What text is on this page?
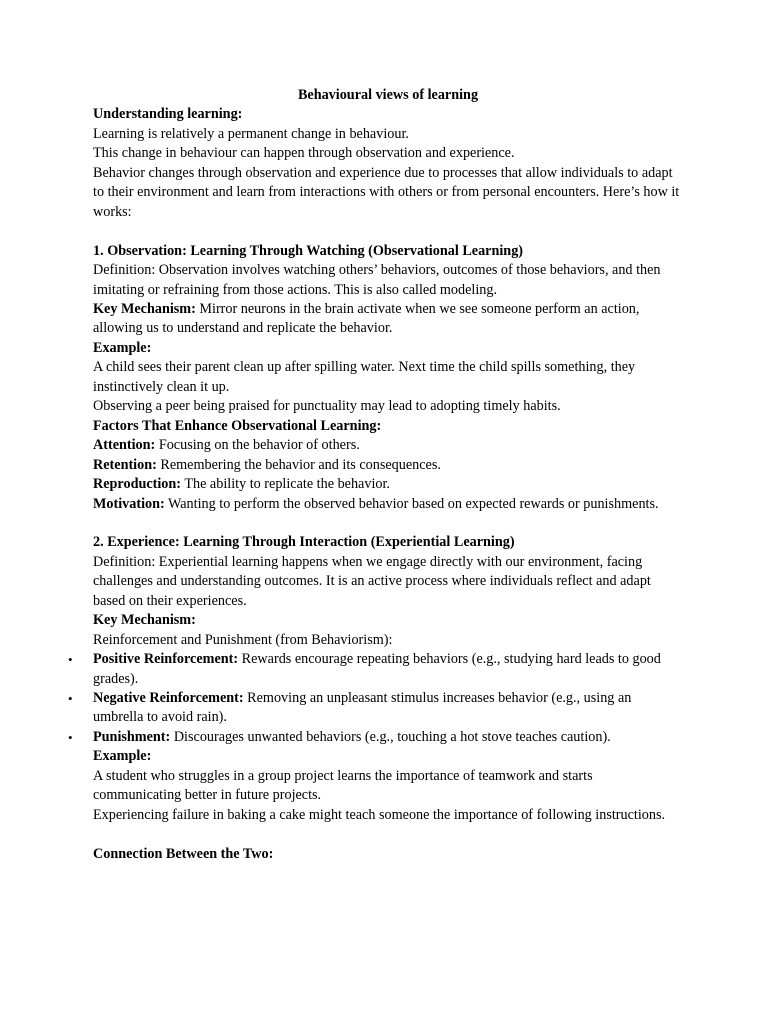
Behavioural views of learning

Understanding learning:

Learning is relatively a permanent change in behaviour.

This change in behaviour can happen through observation and experience.

Behavior changes through observation and experience due to processes that allow individuals to adapt to their environment and learn from interactions with others or from personal encounters. Here’s how it works:

1. Observation: Learning Through Watching (Observational Learning)

Definition: Observation involves watching others’ behaviors, outcomes of those behaviors, and then imitating or refraining from those actions. This is also called modeling.

Key Mechanism: Mirror neurons in the brain activate when we see someone perform an action, allowing us to understand and replicate the behavior.

Example:

A child sees their parent clean up after spilling water. Next time the child spills something, they instinctively clean it up.

Observing a peer being praised for punctuality may lead to adopting timely habits.

Factors That Enhance Observational Learning:

Attention: Focusing on the behavior of others.

Retention: Remembering the behavior and its consequences.

Reproduction: The ability to replicate the behavior.

Motivation: Wanting to perform the observed behavior based on expected rewards or punishments.

2. Experience: Learning Through Interaction (Experiential Learning)

Definition: Experiential learning happens when we engage directly with our environment, facing challenges and understanding outcomes. It is an active process where individuals reflect and adapt based on their experiences.

Key Mechanism:

Reinforcement and Punishment (from Behaviorism):

• Positive Reinforcement: Rewards encourage repeating behaviors (e.g., studying hard leads to good grades).
• Negative Reinforcement: Removing an unpleasant stimulus increases behavior (e.g., using an umbrella to avoid rain).
• Punishment: Discourages unwanted behaviors (e.g., touching a hot stove teaches caution).

Example:

A student who struggles in a group project learns the importance of teamwork and starts communicating better in future projects.

Experiencing failure in baking a cake might teach someone the importance of following instructions.

Connection Between the Two:
